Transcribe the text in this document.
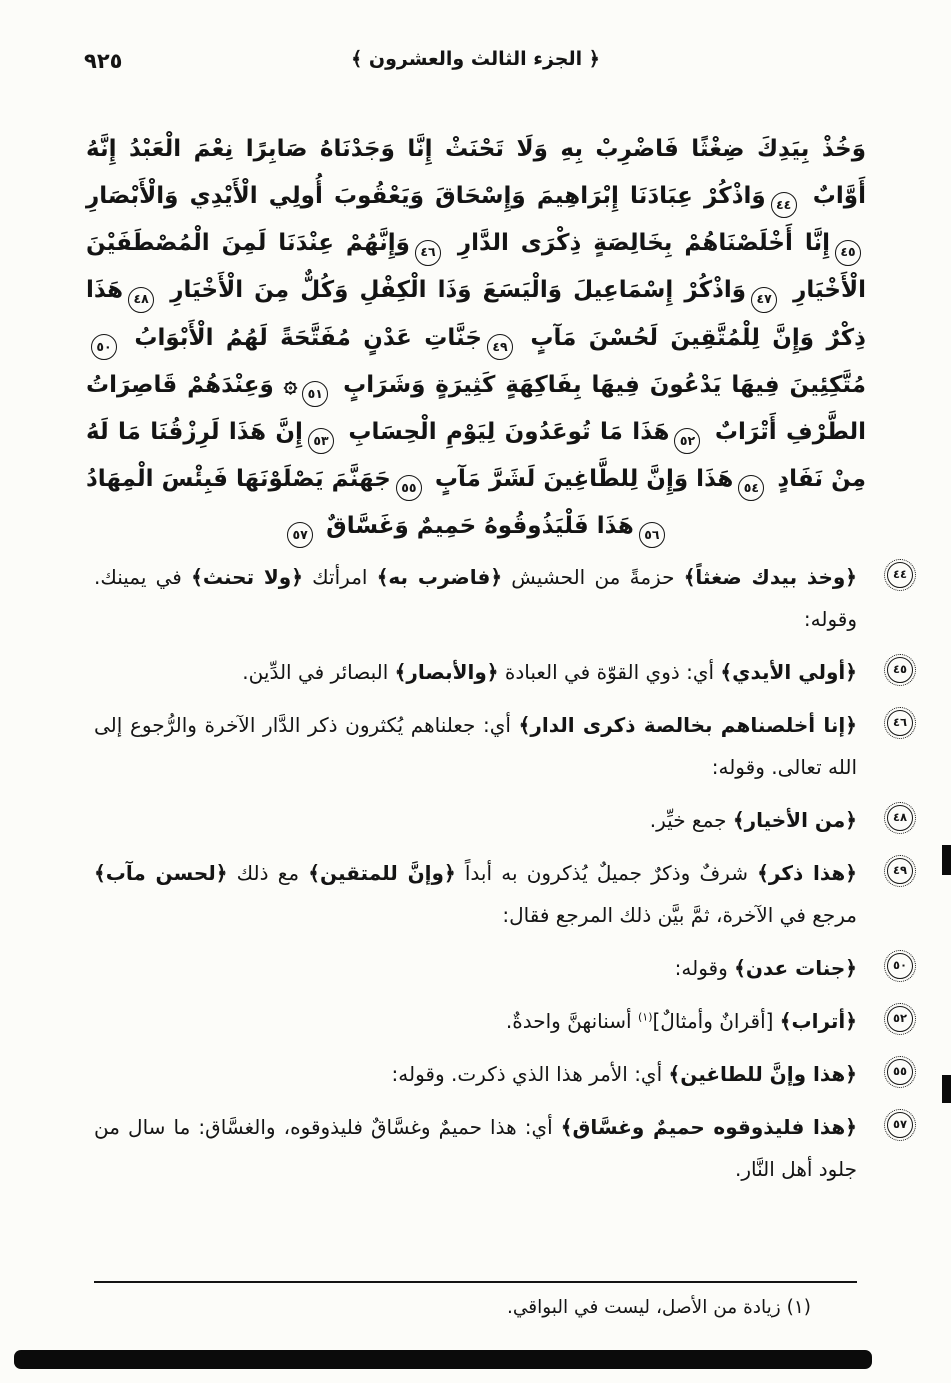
٩٢٥	﴿ الجزء الثالث والعشرون ﴾

وَخُذْ بِيَدِكَ ضِغْثًا فَاضْرِبْ بِهِ وَلَا تَحْنَثْ إِنَّا وَجَدْنَاهُ صَابِرًا نِعْمَ الْعَبْدُ إِنَّهُ أَوَّابٌ ٤٤وَاذْكُرْ عِبَادَنَا إِبْرَاهِيمَ وَإِسْحَاقَ وَيَعْقُوبَ أُولِي الْأَيْدِي وَالْأَبْصَارِ ٤٥إِنَّا أَخْلَصْنَاهُمْ بِخَالِصَةٍ ذِكْرَى الدَّارِ ٤٦وَإِنَّهُمْ عِنْدَنَا لَمِنَ الْمُصْطَفَيْنَ الْأَخْيَارِ ٤٧وَاذْكُرْ إِسْمَاعِيلَ وَالْيَسَعَ وَذَا الْكِفْلِ وَكُلٌّ مِنَ الْأَخْيَارِ ٤٨هَذَا ذِكْرٌ وَإِنَّ لِلْمُتَّقِينَ لَحُسْنَ مَآبٍ ٤٩جَنَّاتِ عَدْنٍ مُفَتَّحَةً لَهُمُ الْأَبْوَابُ ٥٠مُتَّكِئِينَ فِيهَا يَدْعُونَ فِيهَا بِفَاكِهَةٍ كَثِيرَةٍ وَشَرَابٍ ٥١۞ وَعِنْدَهُمْ قَاصِرَاتُ الطَّرْفِ أَتْرَابٌ ٥٢هَذَا مَا تُوعَدُونَ لِيَوْمِ الْحِسَابِ ٥٣إِنَّ هَذَا لَرِزْقُنَا مَا لَهُ مِنْ نَفَادٍ ٥٤هَذَا وَإِنَّ لِلطَّاغِينَ لَشَرَّ مَآبٍ ٥٥جَهَنَّمَ يَصْلَوْنَهَا فَبِئْسَ الْمِهَادُ ٥٦هَذَا فَلْيَذُوقُوهُ حَمِيمٌ وَغَسَّاقٌ ٥٧

٤٤
﴿وخذ بيدك ضغثاً﴾ حزمةً من الحشيش ﴿فاضرب به﴾ امرأتك ﴿ولا تحنث﴾ في يمينك. وقوله:
٤٥
﴿أولي الأيدي﴾ أي: ذوي القوّة في العبادة ﴿والأبصار﴾ البصائر في الدِّين.
٤٦
﴿إنا أخلصناهم بخالصة ذكرى الدار﴾ أي: جعلناهم يُكثرون ذكر الدَّار الآخرة والرُّجوع إلى الله تعالى. وقوله:
٤٨
﴿من الأخيار﴾ جمع خيِّر.
٤٩
﴿هذا ذكر﴾ شرفٌ وذكرٌ جميلٌ يُذكرون به أبداً ﴿وإنَّ للمتقين﴾ مع ذلك ﴿لحسن مآب﴾ مرجع في الآخرة، ثمَّ بيَّن ذلك المرجع فقال:
٥٠
﴿جنات عدن﴾ وقوله:
٥٢
﴿أتراب﴾ [أقرانٌ وأمثالٌ]$^{(١)}$ أسنانهنَّ واحدةٌ.
٥٥
﴿هذا وإنَّ للطاغين﴾ أي: الأمر هذا الذي ذكرت. وقوله:
٥٧
﴿هذا فليذوقوه حميمٌ وغسَّاق﴾ أي: هذا حميمٌ وغسَّاقٌ فليذوقوه، والغسَّاق: ما سال من جلود أهل النَّار.
(١) زيادة من الأصل، ليست في البواقي.
